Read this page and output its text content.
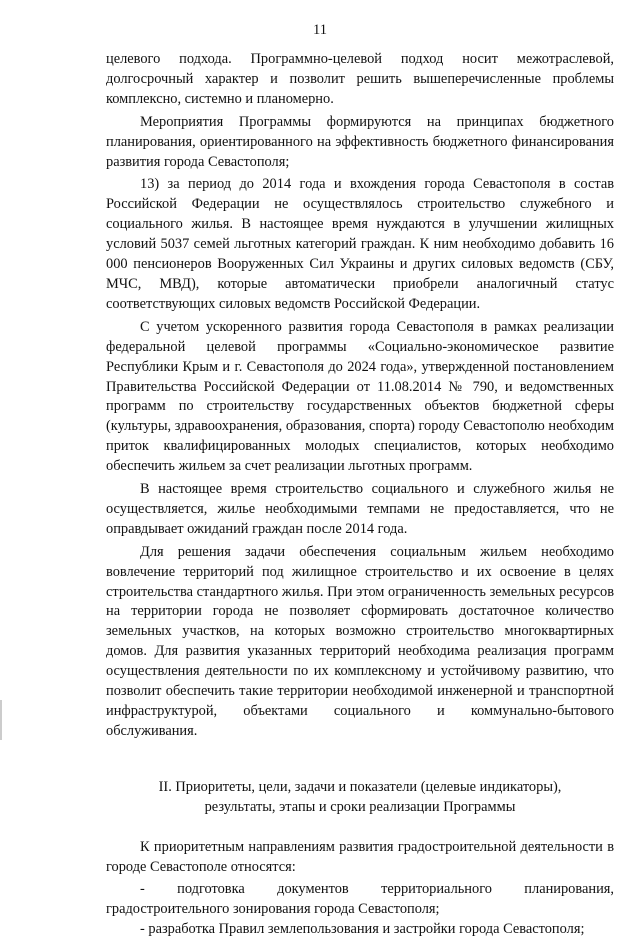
11

целевого подхода. Программно-целевой подход носит межотраслевой, долгосрочный характер и позволит решить вышеперечисленные проблемы комплексно, системно и планомерно.

Мероприятия Программы формируются на принципах бюджетного планирования, ориентированного на эффективность бюджетного финансирования развития города Севастополя;

13) за период до 2014 года и вхождения города Севастополя в состав Российской Федерации не осуществлялось строительство служебного и социального жилья. В настоящее время нуждаются в улучшении жилищных условий 5037 семей льготных категорий граждан. К ним необходимо добавить 16 000 пенсионеров Вооруженных Сил Украины и других силовых ведомств (СБУ, МЧС, МВД), которые автоматически приобрели аналогичный статус соответствующих силовых ведомств Российской Федерации.

С учетом ускоренного развития города Севастополя в рамках реализации федеральной целевой программы «Социально-экономическое развитие Республики Крым и г. Севастополя до 2024 года», утвержденной постановлением Правительства Российской Федерации от 11.08.2014 № 790, и ведомственных программ по строительству государственных объектов бюджетной сферы (культуры, здравоохранения, образования, спорта) городу Севастополю необходим приток квалифицированных молодых специалистов, которых необходимо обеспечить жильем за счет реализации льготных программ.

В настоящее время строительство социального и служебного жилья не осуществляется, жилье необходимыми темпами не предоставляется, что не оправдывает ожиданий граждан после 2014 года.

Для решения задачи обеспечения социальным жильем необходимо вовлечение территорий под жилищное строительство и их освоение в целях строительства стандартного жилья. При этом ограниченность земельных ресурсов на территории города не позволяет сформировать достаточное количество земельных участков, на которых возможно строительство многоквартирных домов. Для развития указанных территорий необходима реализация программ осуществления деятельности по их комплексному и устойчивому развитию, что позволит обеспечить такие территории необходимой инженерной и транспортной инфраструктурой, объектами социального и коммунально-бытового обслуживания.

II. Приоритеты, цели, задачи и показатели (целевые индикаторы),
результаты, этапы и сроки реализации Программы

К приоритетным направлениям развития градостроительной деятельности в городе Севастополе относятся:

- подготовка документов территориального планирования, градостроительного зонирования города Севастополя;
- разработка Правил землепользования и застройки города Севастополя;
